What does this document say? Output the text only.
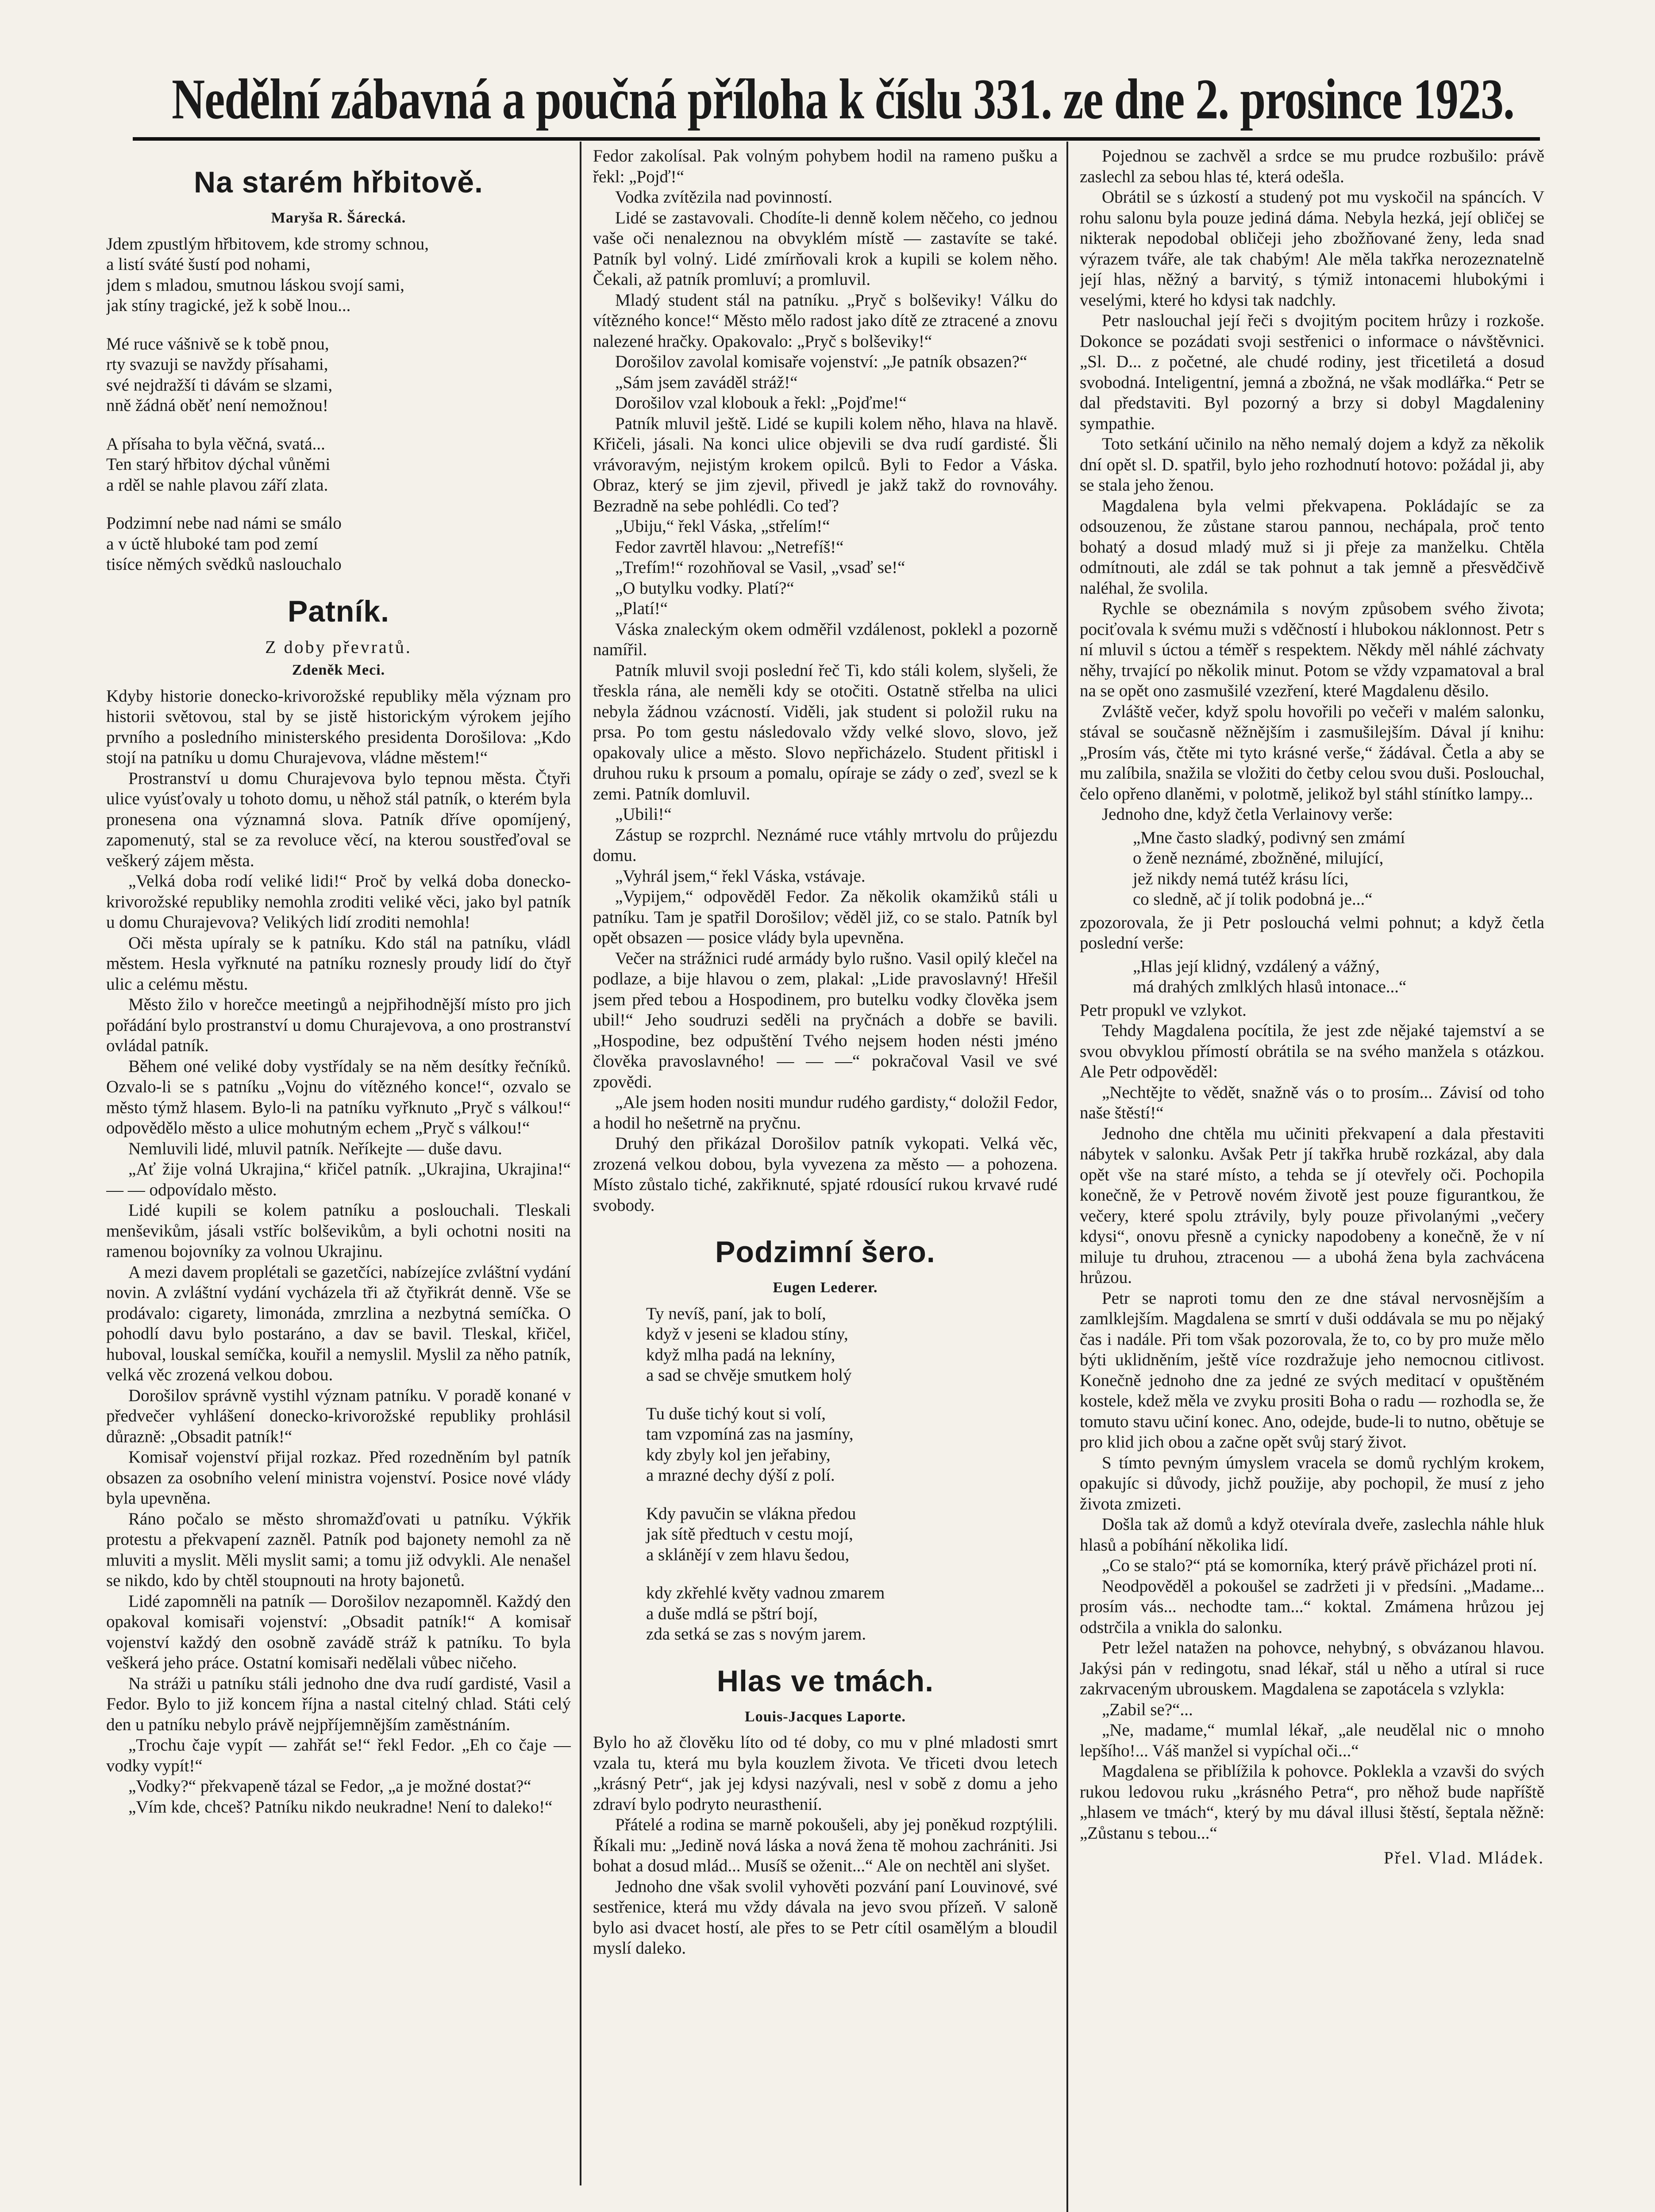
Nedělní zábavná a poučná příloha k číslu 331. ze dne 2. prosince 1923.
Na starém hřbitově.
Maryša R. Šárecká.
Jdem zpustlým hřbitovem, kde stromy schnou,
a listí sváté šustí pod nohami,
jdem s mladou, smutnou láskou svojí sami,
jak stíny tragické, jež k sobě lnou...
Mé ruce vášnivě se k tobě pnou,
rty svazuji se navždy přísahami,
své nejdražší ti dávám se slzami,
nně žádná oběť není nemožnou!
A přísaha to byla věčná, svatá...
Ten starý hřbitov dýchal vůněmi
a rděl se nahle plavou září zlata.
Podzimní nebe nad námi se smálo
a v úctě hluboké tam pod zemí
tisíce němých svědků naslouchalo
Patník.
Z doby převratů.
Zdeněk Meci.

Kdyby historie donecko-krivorožské republiky měla význam pro historii světovou, stal by se jistě historickým výrokem jejího prvního a posledního ministerského presidenta Dorošilova: „Kdo stojí na patníku u domu Churajevova, vládne městem!“

Prostranství u domu Churajevova bylo tepnou města. Čtyři ulice vyúsťovaly u tohoto domu, u něhož stál patník, o kterém byla pronesena ona významná slova. Patník dříve opomíjený, zapomenutý, stal se za revoluce věcí, na kterou soustřeďoval se veškerý zájem města.

„Velká doba rodí veliké lidi!“ Proč by velká doba donecko-krivorožské republiky nemohla zroditi veliké věci, jako byl patník u domu Churajevova? Velikých lidí zroditi nemohla!

Oči města upíraly se k patníku. Kdo stál na patníku, vládl městem. Hesla vyřknuté na patníku roznesly proudy lidí do čtyř ulic a celému městu.

Město žilo v horečce meetingů a nejpřihodnější místo pro jich pořádání bylo prostranství u domu Churajevova, a ono prostranství ovládal patník.

Během oné veliké doby vystřídaly se na něm desítky řečníků. Ozvalo-li se s patníku „Vojnu do vítězného konce!“, ozvalo se město týmž hlasem. Bylo-li na patníku vyřknuto „Pryč s válkou!“ odpovědělo město a ulice mohutným echem „Pryč s válkou!“

Nemluvili lidé, mluvil patník. Neříkejte — duše davu.

„Ať žije volná Ukrajina,“ křičel patník. „Ukrajina, Ukrajina!“ — — odpovídalo město.

Lidé kupili se kolem patníku a poslouchali. Tleskali menševikům, jásali vstříc bolševikům, a byli ochotni nositi na ramenou bojovníky za volnou Ukrajinu.

A mezi davem proplétali se gazetčíci, nabízejíce zvláštní vydání novin. A zvláštní vydání vycházela tři až čtyřikrát denně. Vše se prodávalo: cigarety, limonáda, zmrzlina a nezbytná semíčka. O pohodlí davu bylo postaráno, a dav se bavil. Tleskal, křičel, huboval, louskal semíčka, kouřil a nemyslil. Myslil za něho patník, velká věc zrozená velkou dobou.

Dorošilov správně vystihl význam patníku. V poradě konané v předvečer vyhlášení donecko-krivorožské republiky prohlásil důrazně: „Obsadit patník!“

Komisař vojenství přijal rozkaz. Před rozedněním byl patník obsazen za osobního velení ministra vojenství. Posice nové vlády byla upevněna.

Ráno počalo se město shromažďovati u patníku. Výkřik protestu a překvapení zazněl. Patník pod bajonety nemohl za ně mluviti a myslit. Měli myslit sami; a tomu již odvykli. Ale nenašel se nikdo, kdo by chtěl stoupnouti na hroty bajonetů.

Lidé zapomněli na patník — Dorošilov nezapomněl. Každý den opakoval komisaři vojenství: „Obsadit patník!“ A komisař vojenství každý den osobně zavádě stráž k patníku. To byla veškerá jeho práce. Ostatní komisaři nedělali vůbec ničeho.

Na stráži u patníku stáli jednoho dne dva rudí gardisté, Vasil a Fedor. Bylo to již koncem října a nastal citelný chlad. Státi celý den u patníku nebylo právě nejpříjemnějším zaměstnáním.

„Trochu čaje vypít — zahřát se!“ řekl Fedor. „Eh co čaje — vodky vypít!“

„Vodky?“ překvapeně tázal se Fedor, „a je možné dostat?“

„Vím kde, chceš? Patníku nikdo neukradne! Není to daleko!“

Fedor zakolísal. Pak volným pohybem hodil na rameno pušku a řekl: „Pojď!“

Vodka zvítězila nad povinností.

Lidé se zastavovali. Chodíte-li denně kolem něčeho, co jednou vaše oči nenaleznou na obvyklém místě — zastavíte se také. Patník byl volný. Lidé zmírňovali krok a kupili se kolem něho. Čekali, až patník promluví; a promluvil.

Mladý student stál na patníku. „Pryč s bolševiky! Válku do vítězného konce!“ Město mělo radost jako dítě ze ztracené a znovu nalezené hračky. Opakovalo: „Pryč s bolševiky!“

Dorošilov zavolal komisaře vojenství: „Je patník obsazen?“

„Sám jsem zaváděl stráž!“

Dorošilov vzal klobouk a řekl: „Pojďme!“

Patník mluvil ještě. Lidé se kupili kolem něho, hlava na hlavě. Křičeli, jásali. Na konci ulice objevili se dva rudí gardisté. Šli vrávoravým, nejistým krokem opilců. Byli to Fedor a Váska. Obraz, který se jim zjevil, přivedl je jakž takž do rovnováhy. Bezradně na sebe pohlédli. Co teď?

„Ubiju,“ řekl Váska, „střelím!“

Fedor zavrtěl hlavou: „Netrefíš!“

„Trefím!“ rozohňoval se Vasil, „vsaď se!“

„O butylku vodky. Platí?“

„Platí!“

Váska znaleckým okem odměřil vzdálenost, poklekl a pozorně namířil.

Patník mluvil svoji poslední řeč Ti, kdo stáli kolem, slyšeli, že třeskla rána, ale neměli kdy se otočiti. Ostatně střelba na ulici nebyla žádnou vzácností. Viděli, jak student si položil ruku na prsa. Po tom gestu následovalo vždy velké slovo, slovo, jež opakovaly ulice a město. Slovo nepřicházelo. Student přitiskl i druhou ruku k prsoum a pomalu, opíraje se zády o zeď, svezl se k zemi. Patník domluvil.

„Ubili!“

Zástup se rozprchl. Neznámé ruce vtáhly mrtvolu do průjezdu domu.

„Vyhrál jsem,“ řekl Váska, vstávaje.

„Vypijem,“ odpověděl Fedor. Za několik okamžiků stáli u patníku. Tam je spatřil Dorošilov; věděl již, co se stalo. Patník byl opět obsazen — posice vlády byla upevněna.

Večer na strážnici rudé armády bylo rušno. Vasil opilý klečel na podlaze, a bije hlavou o zem, plakal: „Lide pravoslavný! Hřešil jsem před tebou a Hospodinem, pro butelku vodky člověka jsem ubil!“ Jeho soudruzi seděli na pryčnách a dobře se bavili. „Hospodine, bez odpuštění Tvého nejsem hoden nésti jméno člověka pravoslavného! — — —“ pokračoval Vasil ve své zpovědi.

„Ale jsem hoden nositi mundur rudého gardisty,“ doložil Fedor, a hodil ho nešetrně na pryčnu.

Druhý den přikázal Dorošilov patník vykopati. Velká věc, zrozená velkou dobou, byla vyvezena za město — a pohozena. Místo zůstalo tiché, zakřiknuté, spjaté rdousící rukou krvavé rudé svobody.

Podzimní šero.
Eugen Lederer.
Ty nevíš, paní, jak to bolí,
když v jeseni se kladou stíny,
když mlha padá na lekníny,
a sad se chvěje smutkem holý
Tu duše tichý kout si volí,
tam vzpomíná zas na jasmíny,
kdy zbyly kol jen jeřabiny,
a mrazné dechy dýší z polí.
Kdy pavučin se vlákna předou
jak sítě předtuch v cestu mojí,
a sklánějí v zem hlavu šedou,
kdy zkřehlé květy vadnou zmarem
a duše mdlá se pštrí bojí,
zda setká se zas s novým jarem.
Hlas ve tmách.
Louis-Jacques Laporte.

Bylo ho až člověku líto od té doby, co mu v plné mladosti smrt vzala tu, která mu byla kouzlem života. Ve třiceti dvou letech „krásný Petr“, jak jej kdysi nazývali, nesl v sobě z domu a jeho zdraví bylo podryto neurasthenií.

Přátelé a rodina se marně pokoušeli, aby jej poněkud rozptýlili. Říkali mu: „Jedině nová láska a nová žena tě mohou zachrániti. Jsi bohat a dosud mlád... Musíš se oženit...“ Ale on nechtěl ani slyšet.

Jednoho dne však svolil vyhověti pozvání paní Louvinové, své sestřenice, která mu vždy dávala na jevo svou přízeň. V saloně bylo asi dvacet hostí, ale přes to se Petr cítil osamělým a bloudil myslí daleko.

Pojednou se zachvěl a srdce se mu prudce rozbušilo: právě zaslechl za sebou hlas té, která odešla.

Obrátil se s úzkostí a studený pot mu vyskočil na spáncích. V rohu salonu byla pouze jediná dáma. Nebyla hezká, její obličej se nikterak nepodobal obličeji jeho zbožňované ženy, leda snad výrazem tváře, ale tak chabým! Ale měla takřka nerozeznatelně její hlas, něžný a barvitý, s týmiž intonacemi hlubokými i veselými, které ho kdysi tak nadchly.

Petr naslouchal její řeči s dvojitým pocitem hrůzy i rozkoše. Dokonce se pozádati svoji sestřenici o informace o návštěvnici. „Sl. D... z početné, ale chudé rodiny, jest třicetiletá a dosud svobodná. Inteligentní, jemná a zbožná, ne však modlářka.“ Petr se dal představiti. Byl pozorný a brzy si dobyl Magdaleniny sympathie.

Toto setkání učinilo na něho nemalý dojem a když za několik dní opět sl. D. spatřil, bylo jeho rozhodnutí hotovo: požádal ji, aby se stala jeho ženou.

Magdalena byla velmi překvapena. Pokládajíc se za odsouzenou, že zůstane starou pannou, nechápala, proč tento bohatý a dosud mladý muž si ji přeje za manželku. Chtěla odmítnouti, ale zdál se tak pohnut a tak jemně a přesvědčivě naléhal, že svolila.

Rychle se obeznámila s novým způsobem svého života; pociťovala k svému muži s vděčností i hlubokou náklonnost. Petr s ní mluvil s úctou a téměř s respektem. Někdy měl náhlé záchvaty něhy, trvající po několik minut. Potom se vždy vzpamatoval a bral na se opět ono zasmušilé vzezření, které Magdalenu děsilo.

Zvláště večer, když spolu hovořili po večeři v malém salonku, stával se současně něžnějším i zasmušilejším. Dával jí knihu: „Prosím vás, čtěte mi tyto krásné verše,“ žádával. Četla a aby se mu zalíbila, snažila se vložiti do četby celou svou duši. Poslouchal, čelo opřeno dlaněmi, v polotmě, jelikož byl stáhl stínítko lampy...

Jednoho dne, když četla Verlainovy verše:

„Mne často sladký, podivný sen zmámí
o ženě neznámé, zbožněné, milující,
jež nikdy nemá tutéž krásu líci,
co sledně, ač jí tolik podobná je...“

zpozorovala, že ji Petr poslouchá velmi pohnut; a když četla poslední verše:

„Hlas její klidný, vzdálený a vážný,
má drahých zmlklých hlasů intonace...“

Petr propukl ve vzlykot.

Tehdy Magdalena pocítila, že jest zde nějaké tajemství a se svou obvyklou přímostí obrátila se na svého manžela s otázkou. Ale Petr odpověděl:

„Nechtějte to vědět, snažně vás o to prosím... Závisí od toho naše štěstí!“

Jednoho dne chtěla mu učiniti překvapení a dala přestaviti nábytek v salonku. Avšak Petr jí takřka hrubě rozkázal, aby dala opět vše na staré místo, a tehda se jí otevřely oči. Pochopila konečně, že v Petrově novém životě jest pouze figurantkou, že večery, které spolu ztrávily, byly pouze přivolanými „večery kdysi“, onovu přesně a cynicky napodobeny a konečně, že v ní miluje tu druhou, ztracenou — a ubohá žena byla zachvácena hrůzou.

Petr se naproti tomu den ze dne stával nervosnějším a zamlklejším. Magdalena se smrtí v duši oddávala se mu po nějaký čas i nadále. Při tom však pozorovala, že to, co by pro muže mělo býti uklidněním, ještě více rozdražuje jeho nemocnou citlivost. Konečně jednoho dne za jedné ze svých meditací v opuštěném kostele, kdež měla ve zvyku prositi Boha o radu — rozhodla se, že tomuto stavu učiní konec. Ano, odejde, bude-li to nutno, obětuje se pro klid jich obou a začne opět svůj starý život.

S tímto pevným úmyslem vracela se domů rychlým krokem, opakujíc si důvody, jichž použije, aby pochopil, že musí z jeho života zmizeti.

Došla tak až domů a když otevírala dveře, zaslechla náhle hluk hlasů a pobíhání několika lidí.

„Co se stalo?“ ptá se komorníka, který právě přicházel proti ní.

Neodpověděl a pokoušel se zadržeti ji v předsíni. „Madame... prosím vás... nechodte tam...“ koktal. Zmámena hrůzou jej odstrčila a vnikla do salonku.

Petr ležel natažen na pohovce, nehybný, s obvázanou hlavou. Jakýsi pán v redingotu, snad lékař, stál u něho a utíral si ruce zakrvaceným ubrouskem. Magdalena se zapotácela s vzlykla:

„Zabil se?“...

„Ne, madame,“ mumlal lékař, „ale neudělal nic o mnoho lepšího!... Váš manžel si vypíchal oči...“

Magdalena se přiblížila k pohovce. Poklekla a vzavši do svých rukou ledovou ruku „krásného Petra“, pro něhož bude napříště „hlasem ve tmách“, který by mu dával illusi štěstí, šeptala něžně: „Zůstanu s tebou...“

Přel. Vlad. Mládek.
